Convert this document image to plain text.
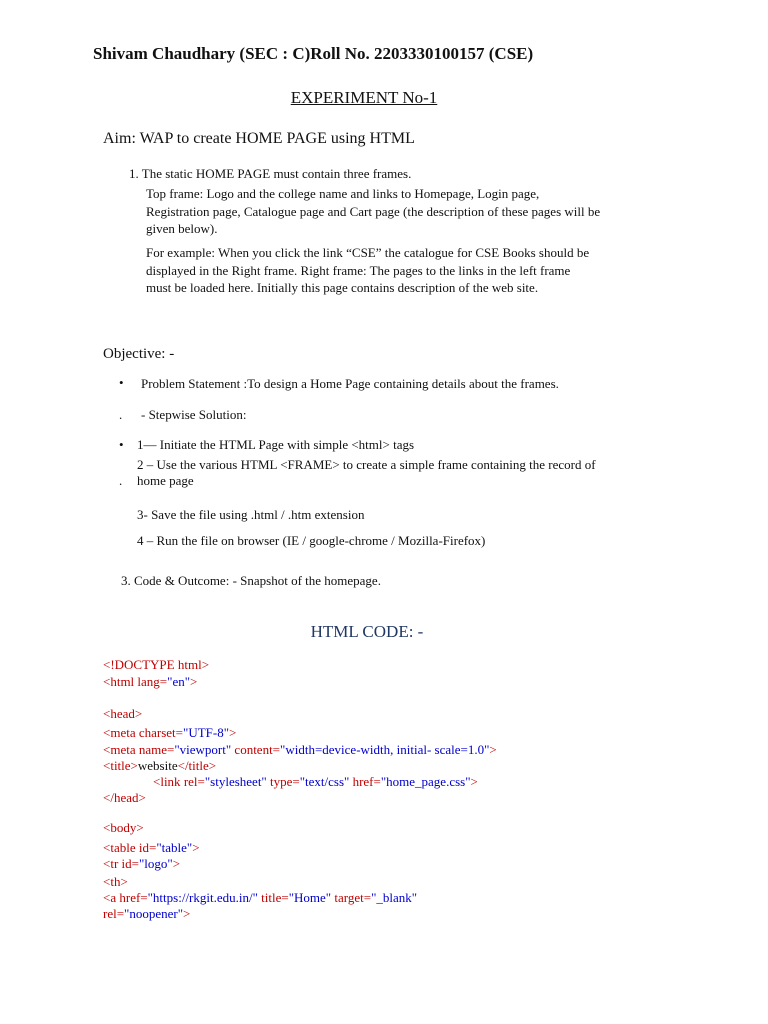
Shivam Chaudhary (SEC : C)Roll No. 2203330100157 (CSE)
EXPERIMENT No-1
Aim: WAP to create HOME PAGE using HTML
1. The static HOME PAGE must contain three frames.
Top frame: Logo and the college name and links to Homepage, Login page,
Registration page, Catalogue page and Cart page (the description of these pages will be
given below).
For example: When you click the link “CSE” the catalogue for CSE Books should be
displayed in the Right frame. Right frame: The pages to the links in the left frame
must be loaded here. Initially this page contains description of the web site.
Objective: -
• Problem Statement :To design a Home Page containing details about the frames.
. - Stepwise Solution:
• 1— Initiate the HTML Page with simple <html> tags
2 – Use the various HTML <FRAME> to create a simple frame containing the record of
. home page
3- Save the file using .html / .htm extension
4 – Run the file on browser (IE / google-chrome / Mozilla-Firefox)
3. Code & Outcome: - Snapshot of the homepage.
HTML CODE: -
<!DOCTYPE html>
<html lang="en">
<head>
<meta charset="UTF-8">
<meta name="viewport" content="width=device-width, initial- scale=1.0">
<title>website</title>
<link rel="stylesheet" type="text/css" href="home_page.css">
</head>
<body>
<table id="table">
<tr id="logo">
<th>
<a href="https://rkgit.edu.in/" title="Home" target="_blank"
rel="noopener">
